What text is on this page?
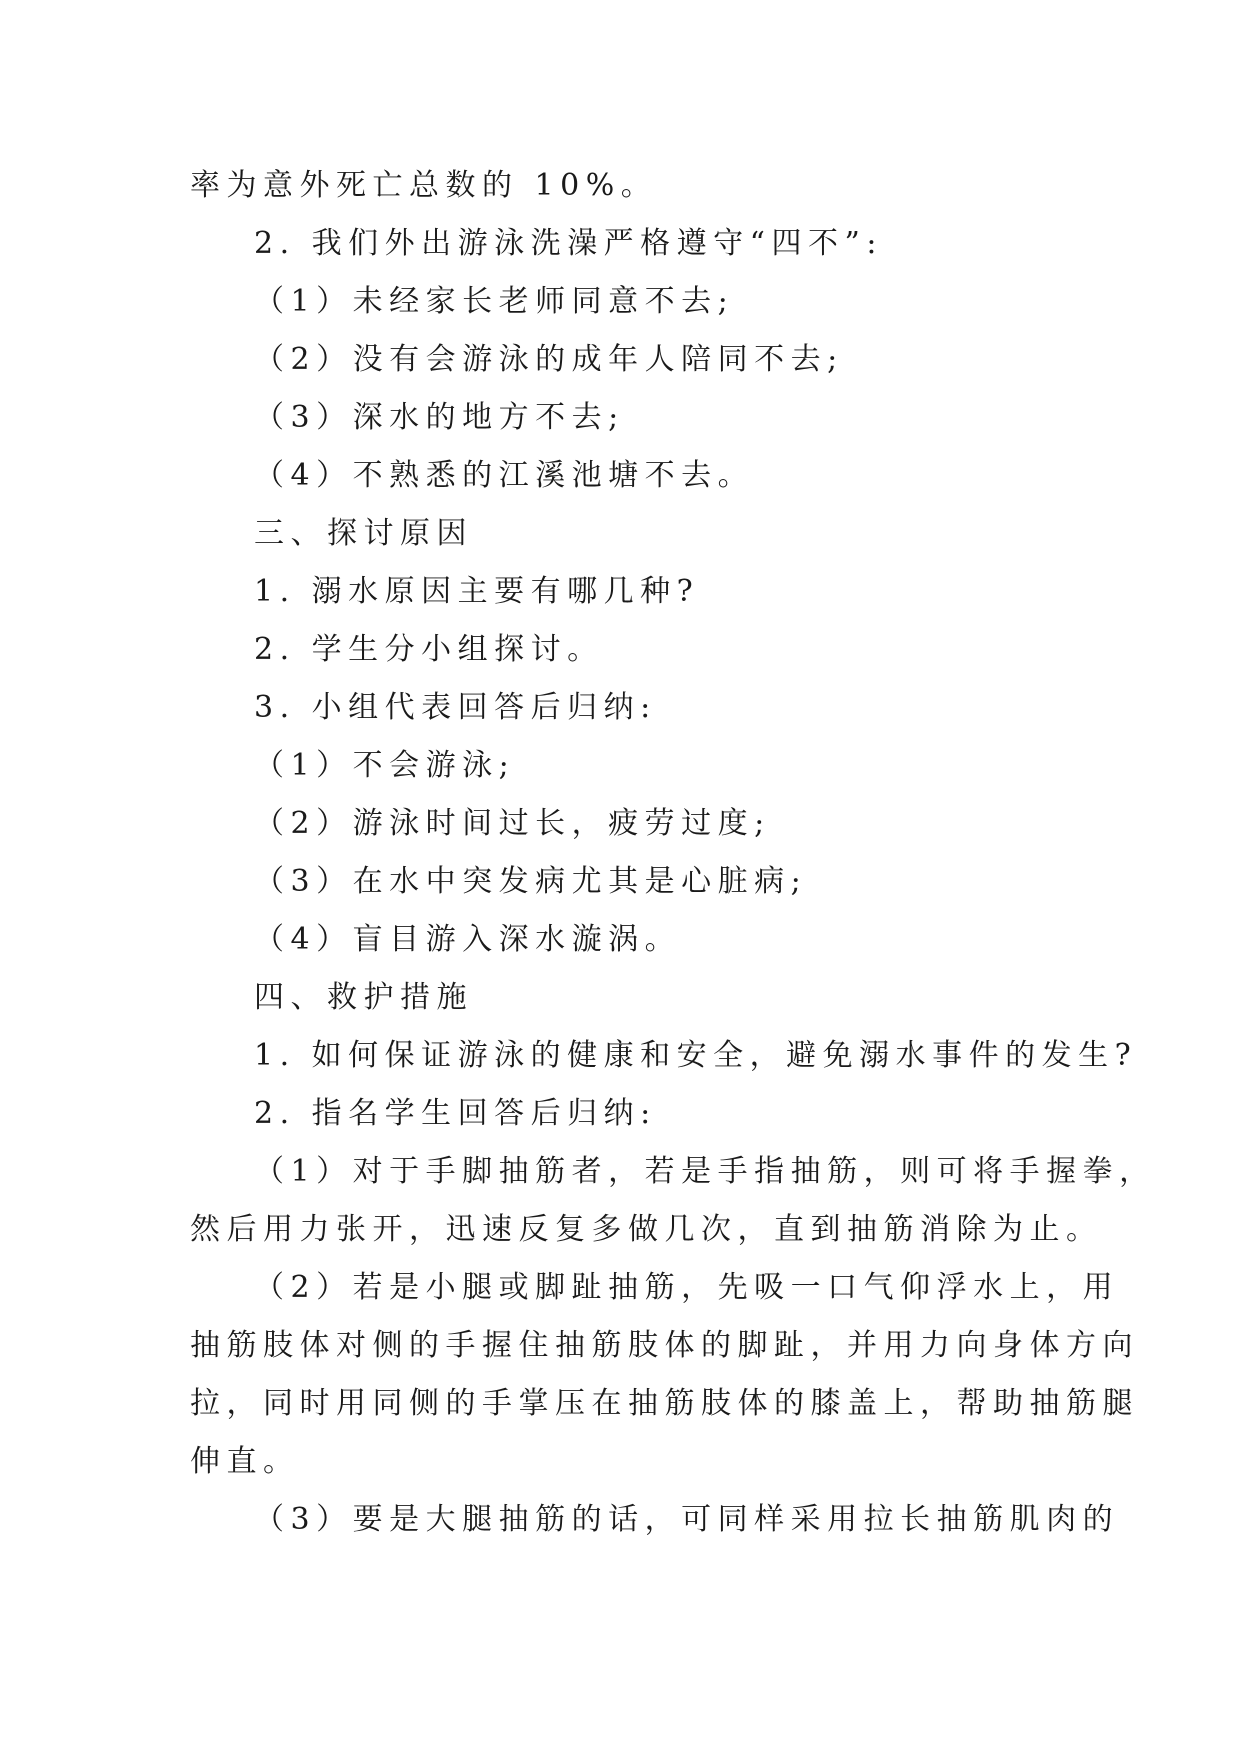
率为意外死亡总数的 10%。
2. 我们外出游泳洗澡严格遵守“四不”:
（1）未经家长老师同意不去;
（2）没有会游泳的成年人陪同不去;
（3）深水的地方不去;
（4）不熟悉的江溪池塘不去。
三、探讨原因
1. 溺水原因主要有哪几种?
2. 学生分小组探讨。
3. 小组代表回答后归纳:
（1）不会游泳;
（2）游泳时间过长，疲劳过度;
（3）在水中突发病尤其是心脏病;
（4）盲目游入深水漩涡。
四、救护措施
1. 如何保证游泳的健康和安全，避免溺水事件的发生?
2. 指名学生回答后归纳:
（1）对于手脚抽筋者，若是手指抽筋，则可将手握拳，
然后用力张开，迅速反复多做几次，直到抽筋消除为止。
（2）若是小腿或脚趾抽筋，先吸一口气仰浮水上，用
抽筋肢体对侧的手握住抽筋肢体的脚趾，并用力向身体方向
拉，同时用同侧的手掌压在抽筋肢体的膝盖上，帮助抽筋腿
伸直。
（3）要是大腿抽筋的话，可同样采用拉长抽筋肌肉的
